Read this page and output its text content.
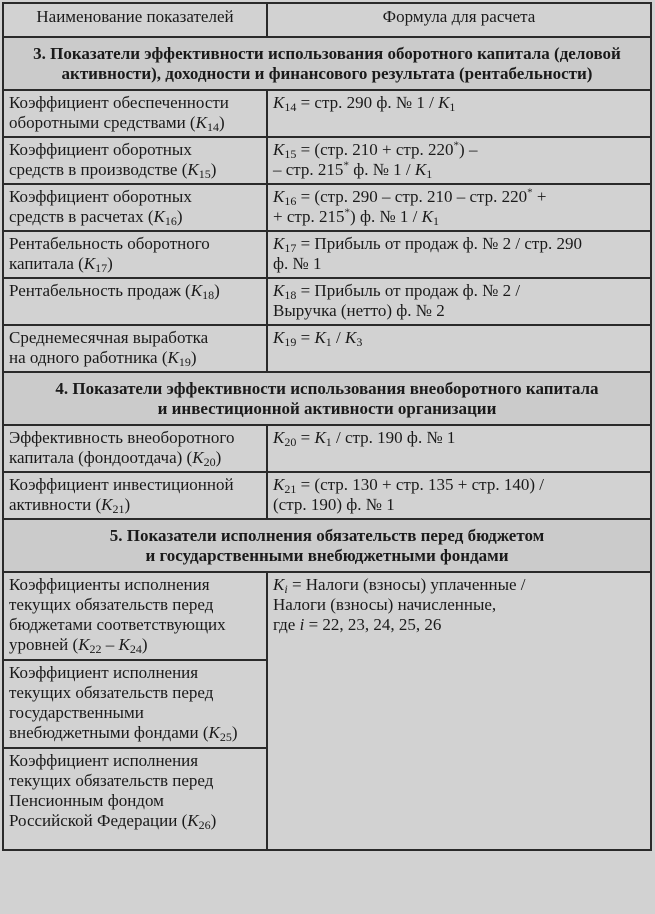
Наименование показателей	Формула для расчета
3. Показатели эффективности использования оборотного капитала (деловой
активности), доходности и финансового результата (рентабельности)	
Коэффициент обеспеченности
оборотными средствами $(K_{14})$	$K_{14}$ = стр. 290 ф. № $1 / K_1$
Коэффициент оборотных
средств в производстве $(K_{15})$	$K_{15} = (стр$. 210 + стр. 220*) –
– стр. 215* ф. № $1 / K_1$
Коэффициент оборотных
средств в расчетах $(K_{16})$	$K_{16} = (стр$. 290 – стр. 210 – стр. 220* +
+ стр. 215*) ф. № $1 / K_1$
Рентабельность оборотного
капитала $(K_{17})$	$K_{17}$ = Прибыль от продаж ф. № 2 / стр. 290
ф. № 1
Рентабельность продаж $(K_{18})$	$K_{18}$ = Прибыль от продаж ф. № 2 /
Выручка (нетто) ф. № 2
Среднемесячная выработка
на одного работника $(K_{19})$	$K_{19} = K_1 / K_3$
4. Показатели эффективности использования внеоборотного капитала
и инвестиционной активности организации	
Эффективность внеоборотного
капитала (фондоотдача) $(K_{20})$	$K_{20} = K_1$ / стр. 190 ф. № 1
Коэффициент инвестиционной
активности $(K_{21})$	$K_{21} = (стр$. 130 + стр. 135 + стр. 140) /
(стр. 190) ф. № 1
5. Показатели исполнения обязательств перед бюджетом
и государственными внебюджетными фондами	
Коэффициенты исполнения
текущих обязательств перед
бюджетами соответствующих
уровней $(K_{22} - K_{24})$	$K_i$ = Налоги (взносы) уплаченные /
Налоги (взносы) начисленные,
где i = 22, 23, 24, 25, 26
Коэффициент исполнения
текущих обязательств перед
государственными
внебюджетными фондами $(K_{25})$	
Коэффициент исполнения
текущих обязательств перед
Пенсионным фондом
Российской Федерации $(K_{26})$	
